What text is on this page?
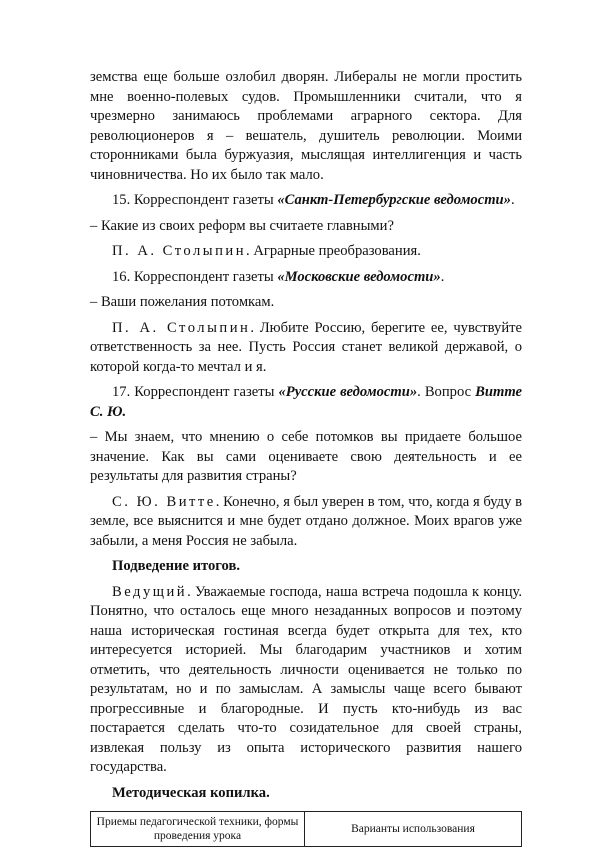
земства еще больше озлобил дворян. Либералы не могли простить мне военно-полевых судов. Промышленники считали, что я чрезмерно занимаюсь проблемами аграрного сектора. Для революционеров я – вешатель, душитель революции. Моими сторонниками была буржуазия, мыслящая интеллигенция и часть чиновничества. Но их было так мало.

15. Корреспондент газеты «Санкт-Петербургские ведомости».

– Какие из своих реформ вы считаете главными?

П. А. Столыпин. Аграрные преобразования.

16. Корреспондент газеты «Московские ведомости».

– Ваши пожелания потомкам.

П. А. Столыпин. Любите Россию, берегите ее, чувствуйте ответственность за нее. Пусть Россия станет великой державой, о которой когда-то мечтал и я.

17. Корреспондент газеты «Русские ведомости». Вопрос Витте С. Ю.

– Мы знаем, что мнению о себе потомков вы придаете большое значение. Как вы сами оцениваете свою деятельность и ее результаты для развития страны?

С. Ю. Витте. Конечно, я был уверен в том, что, когда я буду в земле, все выяснится и мне будет отдано должное. Моих врагов уже забыли, а меня Россия не забыла.

Подведение итогов.

Ведущий. Уважаемые господа, наша встреча подошла к концу. Понятно, что осталось еще много незаданных вопросов и поэтому наша историческая гостиная всегда будет открыта для тех, кто интересуется историей. Мы благодарим участников и хотим отметить, что деятельность личности оценивается не только по результатам, но и по замыслам. А замыслы чаще всего бывают прогрессивные и благородные. И пусть кто-нибудь из вас постарается сделать что-то созидательное для своей страны, извлекая пользу из опыта исторического развития нашего государства.

Методическая копилка.

Приемы педагогической техники, формы проведения урока	Варианты использования
